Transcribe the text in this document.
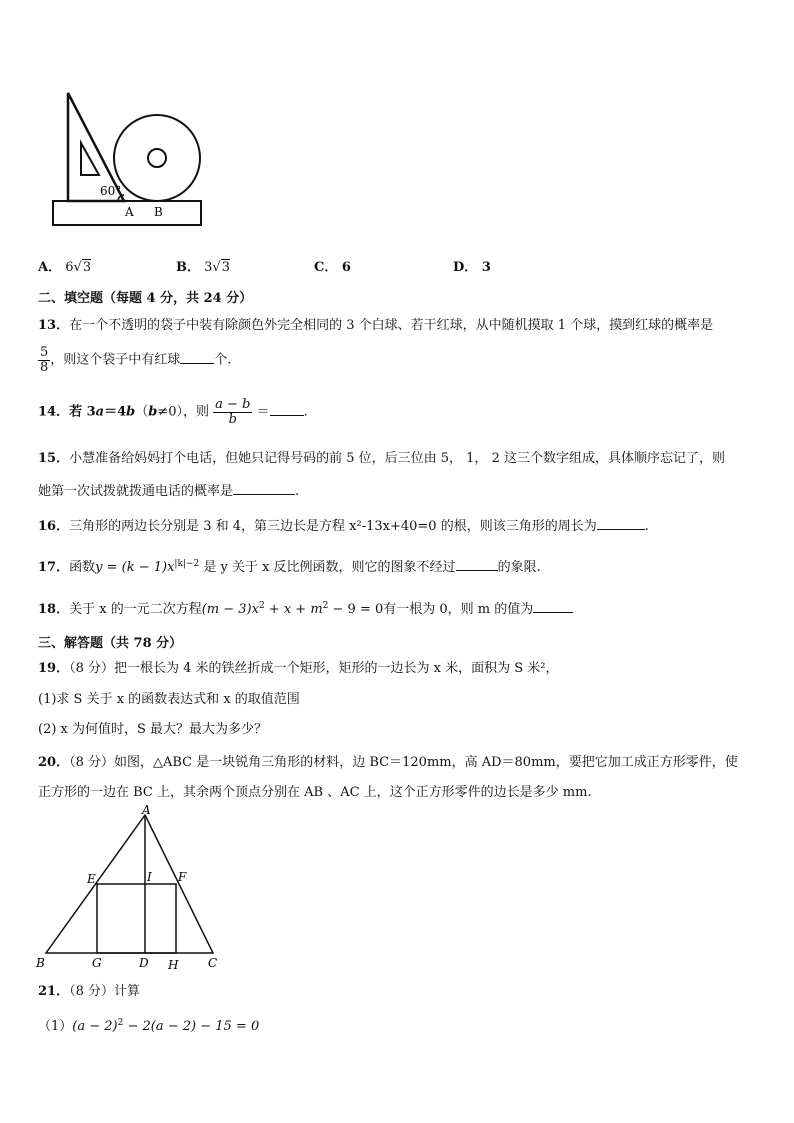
60°
A B
A． 6√3	B． 3√3	C． 6	D． 3
二、填空题（每题 4 分，共 24 分）
13．在一个不透明的袋子中装有除颜色外完全相同的 3 个白球、若干红球，从中随机摸取 1 个球，摸到红球的概率是
$\frac{5}{8}$ ，则这个袋子中有红球	个.
14．若 3a＝4b（b≠0），则 $\frac{a - b}{b}$ ＝	.
15．小慧准备给妈妈打个电话，但她只记得号码的前 5 位，后三位由 5， 1， 2 这三个数字组成，具体顺序忘记了，则
她第一次试拨就拨通电话的概率是	.
16．三角形的两边长分别是 3 和 4，第三边长是方程 x²-13x+40=0 的根，则该三角形的周长为	.
17．函数$y = (k - 1)x^{|k|-2}$ 是 y 关于 x 反比例函数，则它的图象不经过	的象限.
18．关于 x 的一元二次方程$(m - 3)x^2 + x + m^2 - 9 = 0$有一根为 0，则 m 的值为
三、解答题（共 78 分）
19．（8 分）把一根长为 4 米的铁丝折成一个矩形，矩形的一边长为 x 米，面积为 S 米²，
(1)求 S 关于 x 的函数表达式和 x 的取值范围
(2) x 为何值时，S 最大？最大为多少？
20．（8 分）如图，△ABC 是一块锐角三角形的材料，边 BC＝120mm，高 AD＝80mm，要把它加工成正方形零件，使
正方形的一边在 BC 上，其余两个顶点分别在 AB 、AC 上，这个正方形零件的边长是多少 mm.
A
B	C
D
E	F
G	H
I
21．（8 分）计算
$(1)(a - 2)^2 - 2(a - 2) - 15 = 0$
